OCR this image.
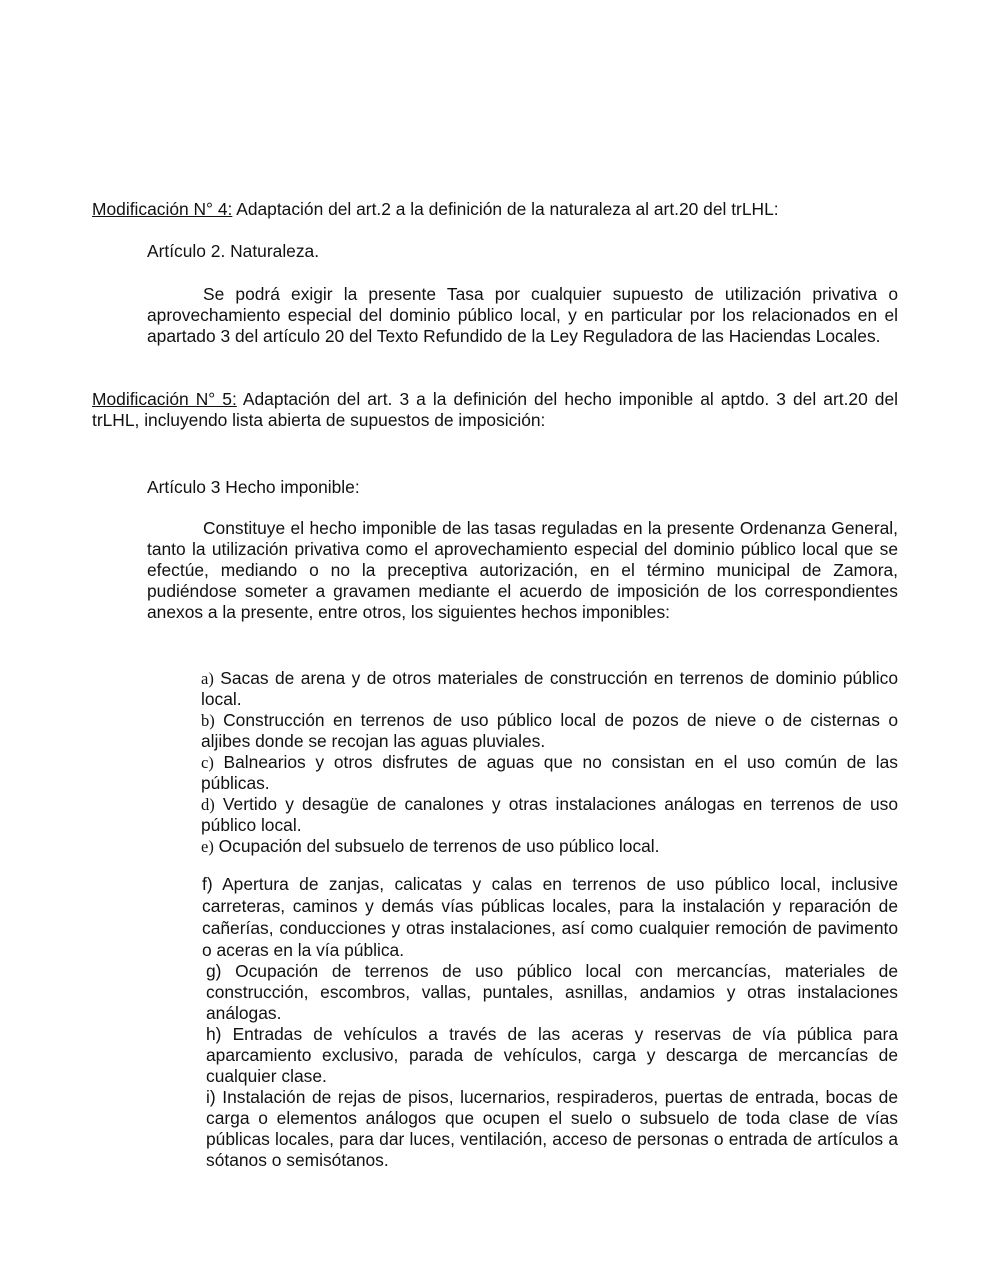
Modificación N° 4: Adaptación del art.2 a la definición de la naturaleza al art.20 del trLHL:
Artículo 2. Naturaleza.
Se podrá exigir la presente Tasa por cualquier supuesto de utilización privativa o aprovechamiento especial del dominio público local, y en particular por los relacionados en el apartado 3 del artículo 20 del Texto Refundido de la Ley Reguladora de las Haciendas Locales.
Modificación N° 5: Adaptación del art. 3 a la definición del hecho imponible al aptdo. 3 del art.20 del trLHL, incluyendo lista abierta de supuestos de imposición:
Artículo 3 Hecho imponible:
Constituye el hecho imponible de las tasas reguladas en la presente Ordenanza General, tanto la utilización privativa como el aprovechamiento especial del dominio público local que se efectúe, mediando o no la preceptiva autorización, en el término municipal de Zamora, pudiéndose someter a gravamen mediante el acuerdo de imposición de los correspondientes anexos a la presente, entre otros, los siguientes hechos imponibles:

a) Sacas de arena y de otros materiales de construcción en terrenos de dominio público local.

b) Construcción en terrenos de uso público local de pozos de nieve o de cisternas o aljibes donde se recojan las aguas pluviales.

c) Balnearios y otros disfrutes de aguas que no consistan en el uso común de las públicas.

d) Vertido y desagüe de canalones y otras instalaciones análogas en terrenos de uso público local.

e) Ocupación del subsuelo de terrenos de uso público local.

f) Apertura de zanjas, calicatas y calas en terrenos de uso público local, inclusive carreteras, caminos y demás vías públicas locales, para la instalación y reparación de cañerías, conducciones y otras instalaciones, así como cualquier remoción de pavimento o aceras en la vía pública.

g) Ocupación de terrenos de uso público local con mercancías, materiales de construcción, escombros, vallas, puntales, asnillas, andamios y otras instalaciones análogas.

h) Entradas de vehículos a través de las aceras y reservas de vía pública para aparcamiento exclusivo, parada de vehículos, carga y descarga de mercancías de cualquier clase.

i) Instalación de rejas de pisos, lucernarios, respiraderos, puertas de entrada, bocas de carga o elementos análogos que ocupen el suelo o subsuelo de toda clase de vías públicas locales, para dar luces, ventilación, acceso de personas o entrada de artículos a sótanos o semisótanos.
